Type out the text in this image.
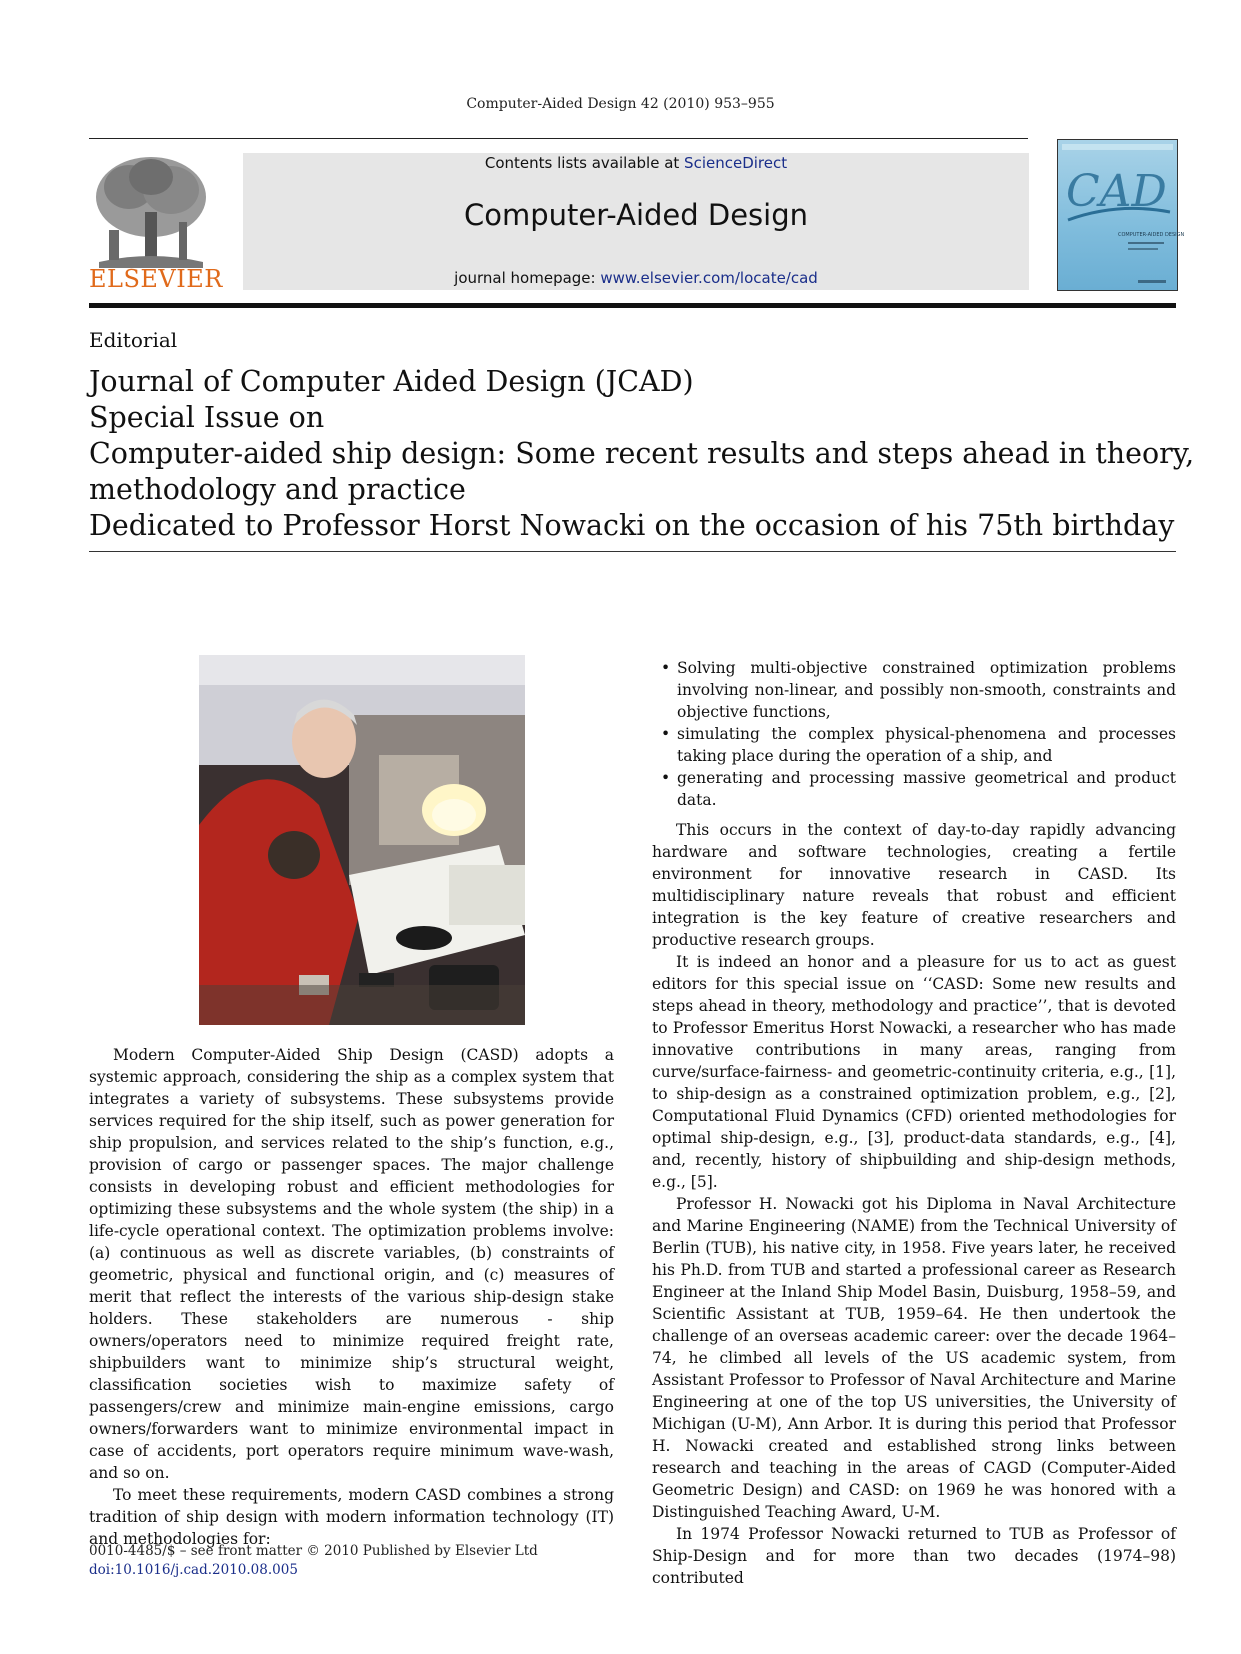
Computer-Aided Design 42 (2010) 953–955
ELSEVIER
Contents lists available at ScienceDirect
Computer-Aided Design
journal homepage: www.elsevier.com/locate/cad
CAD
COMPUTER-AIDED DESIGN
Editorial
Journal of Computer Aided Design (JCAD)
Special Issue on
Computer-aided ship design: Some recent results and steps ahead in theory,
methodology and practice
Dedicated to Professor Horst Nowacki on the occasion of his 75th birthday

Modern Computer-Aided Ship Design (CASD) adopts a systemic approach, considering the ship as a complex system that integrates a variety of subsystems. These subsystems provide services required for the ship itself, such as power generation for ship propulsion, and services related to the ship’s function, e.g., provision of cargo or passenger spaces. The major challenge consists in developing robust and efficient methodologies for optimizing these subsystems and the whole system (the ship) in a life-cycle operational context. The optimization problems involve: (a) continuous as well as discrete variables, (b) constraints of geometric, physical and functional origin, and (c) measures of merit that reflect the interests of the various ship-design stake holders. These stakeholders are numerous - ship owners/operators need to minimize required freight rate, shipbuilders want to minimize ship’s structural weight, classification societies wish to maximize safety of passengers/crew and minimize main-engine emissions, cargo owners/forwarders want to minimize environmental impact in case of accidents, port operators require minimum wave-wash, and so on.

To meet these requirements, modern CASD combines a strong tradition of ship design with modern information technology (IT) and methodologies for:

• Solving multi-objective constrained optimization problems involving non-linear, and possibly non-smooth, constraints and objective functions,
• simulating the complex physical-phenomena and processes taking place during the operation of a ship, and
• generating and processing massive geometrical and product data.

This occurs in the context of day-to-day rapidly advancing hardware and software technologies, creating a fertile environment for innovative research in CASD. Its multidisciplinary nature reveals that robust and efficient integration is the key feature of creative researchers and productive research groups.

It is indeed an honor and a pleasure for us to act as guest editors for this special issue on ‘‘CASD: Some new results and steps ahead in theory, methodology and practice’’, that is devoted to Professor Emeritus Horst Nowacki, a researcher who has made innovative contributions in many areas, ranging from curve/surface-fairness- and geometric-continuity criteria, e.g., [1], to ship-design as a constrained optimization problem, e.g., [2], Computational Fluid Dynamics (CFD) oriented methodologies for optimal ship-design, e.g., [3], product-data standards, e.g., [4], and, recently, history of shipbuilding and ship-design methods, e.g., [5].

Professor H. Nowacki got his Diploma in Naval Architecture and Marine Engineering (NAME) from the Technical University of Berlin (TUB), his native city, in 1958. Five years later, he received his Ph.D. from TUB and started a professional career as Research Engineer at the Inland Ship Model Basin, Duisburg, 1958–59, and Scientific Assistant at TUB, 1959–64. He then undertook the challenge of an overseas academic career: over the decade 1964–74, he climbed all levels of the US academic system, from Assistant Professor to Professor of Naval Architecture and Marine Engineering at one of the top US universities, the University of Michigan (U-M), Ann Arbor. It is during this period that Professor H. Nowacki created and established strong links between research and teaching in the areas of CAGD (Computer-Aided Geometric Design) and CASD: on 1969 he was honored with a Distinguished Teaching Award, U-M.

In 1974 Professor Nowacki returned to TUB as Professor of Ship-Design and for more than two decades (1974–98) contributed

0010-4485/$ – see front matter © 2010 Published by Elsevier Ltd
doi:10.1016/j.cad.2010.08.005
